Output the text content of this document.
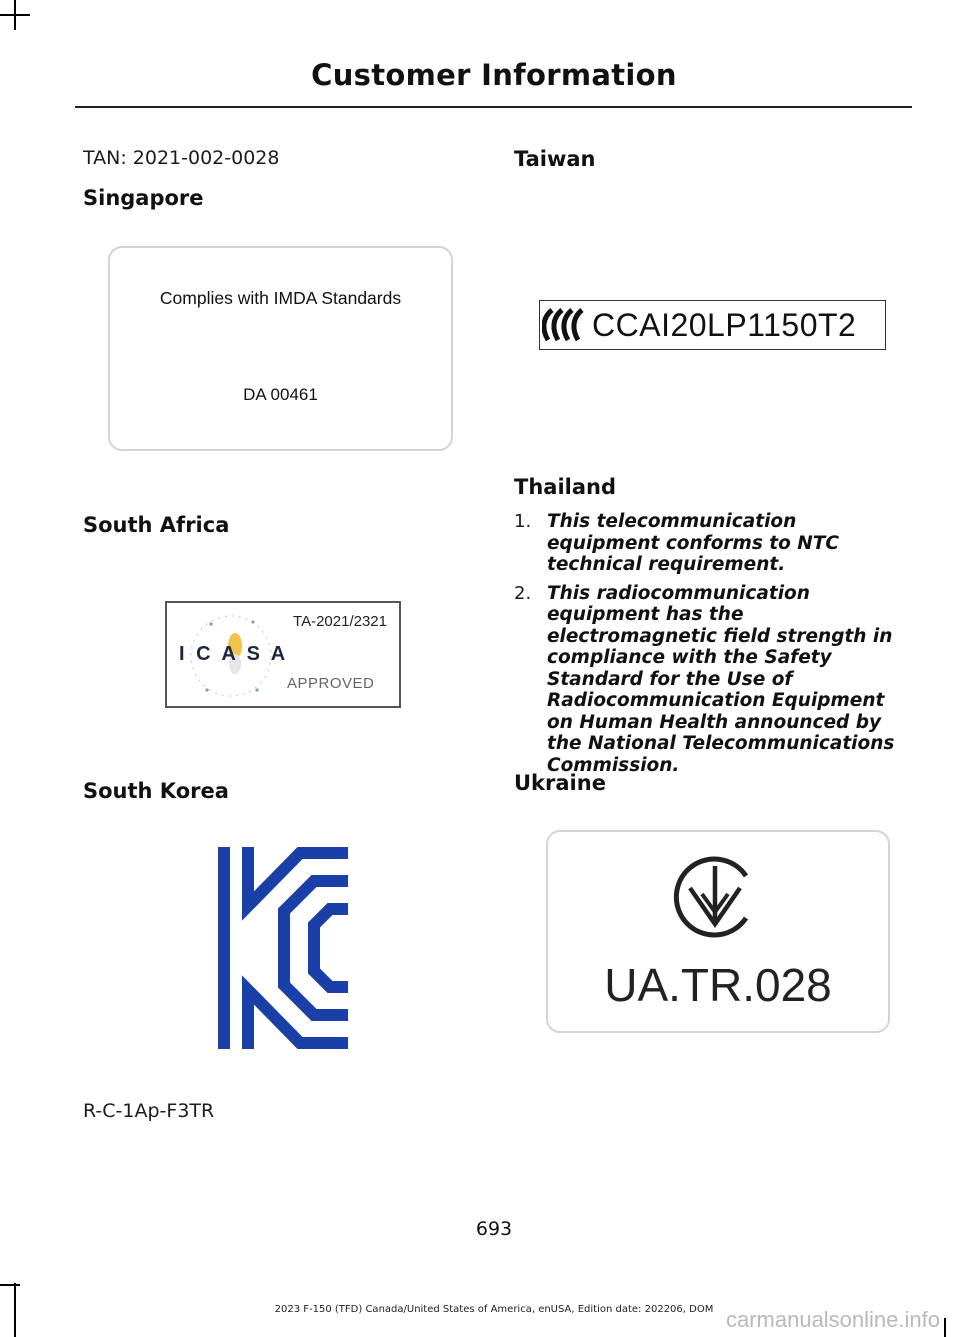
Customer Information
TAN: 2021-002-0028
Singapore
Complies with IMDA Standards
DA 00461
South Africa
TA-2021/2321
I C A S A
APPROVED
South Korea
R-C-1Ap-F3TR
Taiwan
CCAI20LP1150T2
Thailand
1. This telecommunication equipment conforms to NTC technical requirement.
2. This radiocommunication equipment has the electromagnetic field strength in compliance with the Safety Standard for the Use of Radiocommunication Equipment on Human Health announced by the National Telecommunications Commission.
Ukraine
UA.TR.028
693
2023 F-150 (TFD) Canada/United States of America, enUSA, Edition date: 202206, DOM carmanualsonline.info
